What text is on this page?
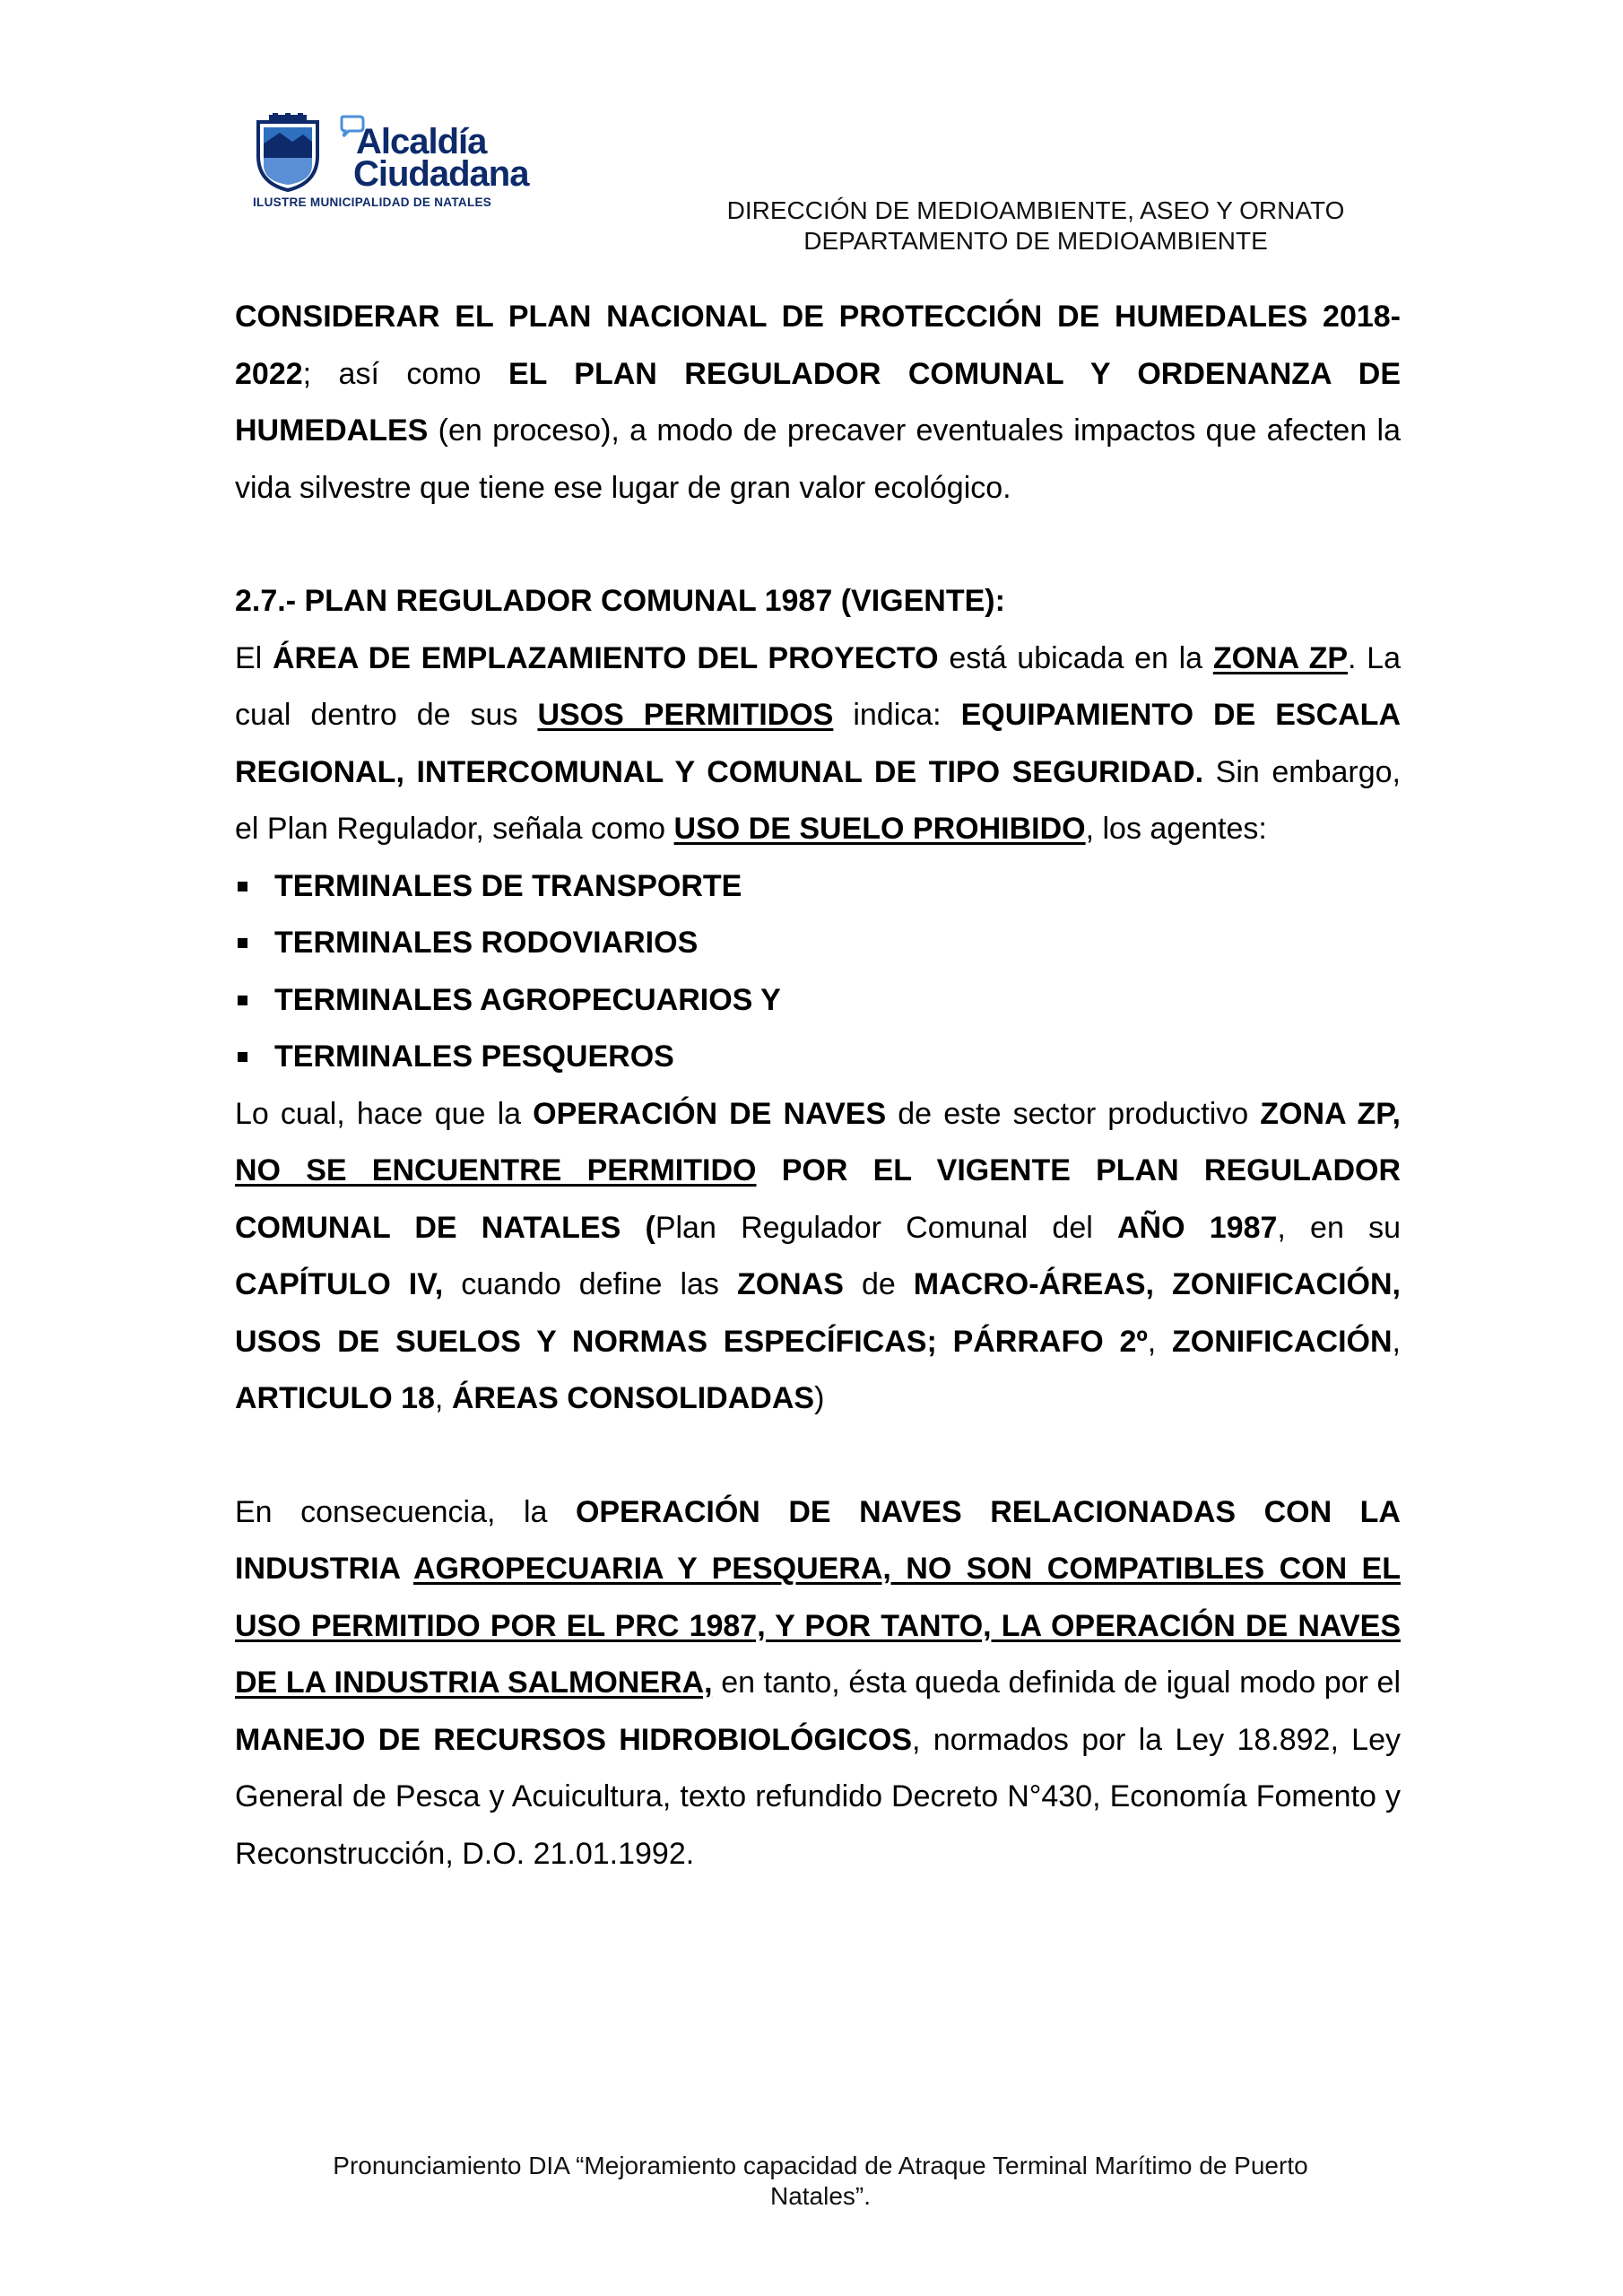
Alcaldía
Ciudadana
ILUSTRE MUNICIPALIDAD DE NATALES	DIRECCIÓN DE MEDIOAMBIENTE, ASEO Y ORNATO
DEPARTAMENTO DE MEDIOAMBIENTE

CONSIDERAR EL PLAN NACIONAL DE PROTECCIÓN DE HUMEDALES 2018-2022; así como EL PLAN REGULADOR COMUNAL Y ORDENANZA DE HUMEDALES (en proceso), a modo de precaver eventuales impactos que afecten la vida silvestre que tiene ese lugar de gran valor ecológico.

2.7.- PLAN REGULADOR COMUNAL 1987 (VIGENTE):

El ÁREA DE EMPLAZAMIENTO DEL PROYECTO está ubicada en la ZONA ZP. La cual dentro de sus USOS PERMITIDOS indica: EQUIPAMIENTO DE ESCALA REGIONAL, INTERCOMUNAL Y COMUNAL DE TIPO SEGURIDAD. Sin embargo, el Plan Regulador, señala como USO DE SUELO PROHIBIDO, los agentes:

TERMINALES DE TRANSPORTE
TERMINALES RODOVIARIOS
TERMINALES AGROPECUARIOS Y
TERMINALES PESQUEROS

Lo cual, hace que la OPERACIÓN DE NAVES de este sector productivo ZONA ZP, NO SE ENCUENTRE PERMITIDO POR EL VIGENTE PLAN REGULADOR COMUNAL DE NATALES (Plan Regulador Comunal del AÑO 1987, en su CAPÍTULO IV, cuando define las ZONAS de MACRO-ÁREAS, ZONIFICACIÓN, USOS DE SUELOS Y NORMAS ESPECÍFICAS; PÁRRAFO 2º, ZONIFICACIÓN, ARTICULO 18, ÁREAS CONSOLIDADAS)

En consecuencia, la OPERACIÓN DE NAVES RELACIONADAS CON LA INDUSTRIA AGROPECUARIA Y PESQUERA, NO SON COMPATIBLES CON EL USO PERMITIDO POR EL PRC 1987, Y POR TANTO, LA OPERACIÓN DE NAVES DE LA INDUSTRIA SALMONERA, en tanto, ésta queda definida de igual modo por el MANEJO DE RECURSOS HIDROBIOLÓGICOS, normados por la Ley 18.892, Ley General de Pesca y Acuicultura, texto refundido Decreto N°430, Economía Fomento y Reconstrucción, D.O. 21.01.1992.

Pronunciamiento DIA “Mejoramiento capacidad de Atraque Terminal Marítimo de Puerto
Natales”.
